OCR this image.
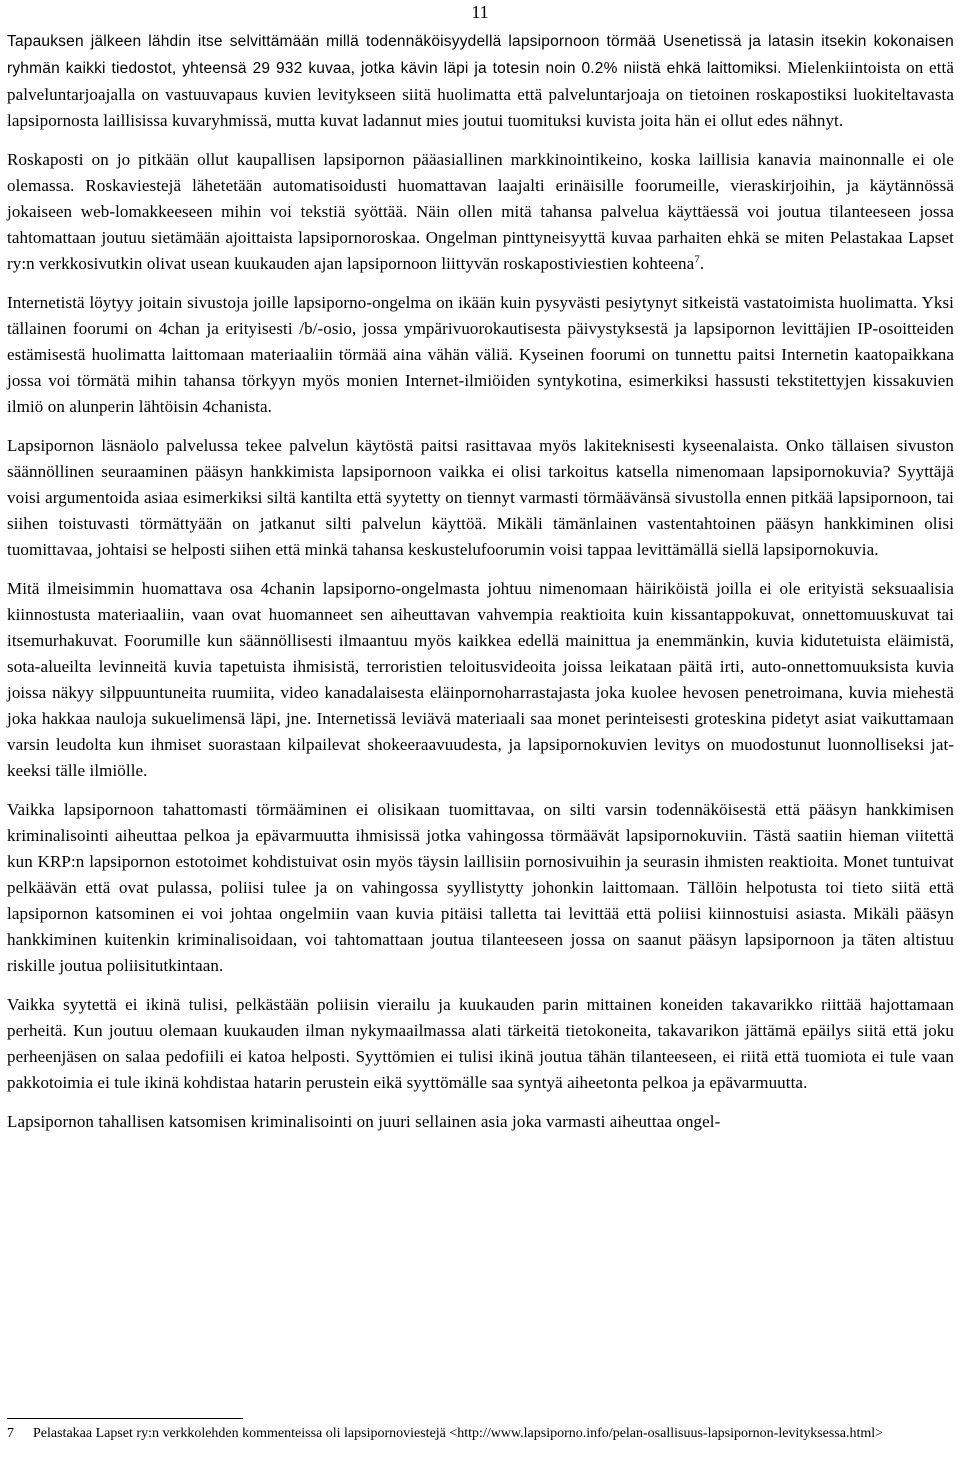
11

Tapauksen jälkeen lähdin itse selvittämään millä todennäköisyydellä lapsipornoon törmää Usenetissä ja latasin itsekin kokonaisen ryhmän kaikki tiedostot, yhteensä 29 932 kuvaa, jotka kävin läpi ja totesin noin 0.2% niistä ehkä laittomiksi. Mielenkiintoista on että palveluntarjoajalla on vastuuvapaus kuvien levitykseen siitä huolimatta että palveluntarjoaja on tietoinen roskapostiksi luokiteltavasta lapsipornosta laillisissa kuvaryhmissä, mutta kuvat ladannut mies joutui tuomituksi kuvista joita hän ei ollut edes nähnyt.

Roskaposti on jo pitkään ollut kaupallisen lapsipornon pääasiallinen markkinointikeino, koska laillisia kanavia mainonnalle ei ole olemassa. Roskaviestejä lähetetään automatisoidusti huomattavan laajalti erinäisille foorumeille, vieraskirjoihin, ja käytännössä jokaiseen web-lomakkeeseen mihin voi tekstiä syöttää. Näin ollen mitä tahansa palvelua käyttäessä voi joutua tilanteeseen jossa tahtomattaan joutuu sietämään ajoittaista lapsipornoroskaa. Ongelman pinttyneisyyttä kuvaa parhaiten ehkä se miten Pelastakaa Lapset ry:n verkkosivutkin olivat usean kuukauden ajan lapsipornoon liittyvän roskapostiviestien kohteena$^7$.

Internetistä löytyy joitain sivustoja joille lapsiporno-ongelma on ikään kuin pysyvästi pesiytynyt sitkeistä vastatoimista huolimatta. Yksi tällainen foorumi on 4chan ja erityisesti /b/-osio, jossa ympärivuorokautisesta päivystyksestä ja lapsipornon levittäjien IP-osoitteiden estämisestä huolimatta laittomaan materiaaliin törmää aina vähän väliä. Kyseinen foorumi on tunnettu paitsi Internetin kaatopaikkana jossa voi törmätä mihin tahansa törkyyn myös monien Internet-ilmiöiden syntykotina, esimerkiksi hassusti tekstitettyjen kissakuvien ilmiö on alunperin lähtöisin 4chanista.

Lapsipornon läsnäolo palvelussa tekee palvelun käytöstä paitsi rasittavaa myös lakiteknisesti kyseenalaista. Onko tällaisen sivuston säännöllinen seuraaminen pääsyn hankkimista lapsipornoon vaikka ei olisi tarkoitus katsella nimenomaan lapsipornokuvia? Syyttäjä voisi argumentoida asiaa esimerkiksi siltä kantilta että syytetty on tiennyt varmasti törmäävänsä sivustolla ennen pitkää lapsipornoon, tai siihen toistuvasti törmättyään on jatkanut silti palvelun käyttöä. Mikäli tämänlainen vastentahtoinen pääsyn hankkiminen olisi tuomittavaa, johtaisi se helposti siihen että minkä tahansa keskustelufoorumin voisi tappaa levittämällä siellä lapsipornokuvia.

Mitä ilmeisimmin huomattava osa 4chanin lapsiporno-ongelmasta johtuu nimenomaan häiriköistä joilla ei ole erityistä seksuaalisia kiinnostusta materiaaliin, vaan ovat huomanneet sen aiheuttavan vahvempia reaktioita kuin kissantappokuvat, onnettomuuskuvat tai itsemurhakuvat. Foorumille kun säännöllisesti ilmaantuu myös kaikkea edellä mainittua ja enemmänkin, kuvia kidutetuista eläimistä, sota-alueilta levinneitä kuvia tapetuista ihmisistä, terroristien teloitusvideoita joissa leikataan päitä irti, auto-onnettomuuksista kuvia joissa näkyy silppuuntuneita ruumiita, video kanadalaisesta eläinpornoharrastajasta joka kuolee hevosen penetroimana, kuvia miehestä joka hakkaa nauloja sukuelimensä läpi, jne. Internetissä leviävä materiaali saa monet perinteisesti groteskina pidetyt asiat vaikuttamaan varsin leudolta kun ihmiset suorastaan kilpailevat shokeeraavuudesta, ja lapsipornokuvien levitys on muodostunut luonnolliseksi jatkeeksi tälle ilmiölle.

Vaikka lapsipornoon tahattomasti törmääminen ei olisikaan tuomittavaa, on silti varsin todennäköisestä että pääsyn hankkimisen kriminalisointi aiheuttaa pelkoa ja epävarmuutta ihmisissä jotka vahingossa törmäävät lapsipornokuviin. Tästä saatiin hieman viitettä kun KRP:n lapsipornon estotoimet kohdistuivat osin myös täysin laillisiin pornosivuihin ja seurasin ihmisten reaktioita. Monet tuntuivat pelkäävän että ovat pulassa, poliisi tulee ja on vahingossa syyllistytty johonkin laittomaan. Tällöin helpotusta toi tieto siitä että lapsipornon katsominen ei voi johtaa ongelmiin vaan kuvia pitäisi talletta tai levittää että poliisi kiinnostuisi asiasta. Mikäli pääsyn hankkiminen kuitenkin kriminalisoidaan, voi tahtomattaan joutua tilanteeseen jossa on saanut pääsyn lapsipornoon ja täten altistuu riskille joutua poliisitutkintaan.

Vaikka syytettä ei ikinä tulisi, pelkästään poliisin vierailu ja kuukauden parin mittainen koneiden takavarikko riittää hajottamaan perheitä. Kun joutuu olemaan kuukauden ilman nykymaailmassa alati tärkeitä tietokoneita, takavarikon jättämä epäilys siitä että joku perheenjäsen on salaa pedofiili ei katoa helposti. Syyttömien ei tulisi ikinä joutua tähän tilanteeseen, ei riitä että tuomiota ei tule vaan pakkotoimia ei tule ikinä kohdistaa hatarin perustein eikä syyttömälle saa syntyä aiheetonta pelkoa ja epävarmuutta.

Lapsipornon tahallisen katsomisen kriminalisointi on juuri sellainen asia joka varmasti aiheuttaa ongel-

7	Pelastakaa Lapset ry:n verkkolehden kommenteissa oli lapsipornoviestejä <http://www.lapsiporno.info/pelan-osallisuus-lapsipornon-levityksessa.html>
